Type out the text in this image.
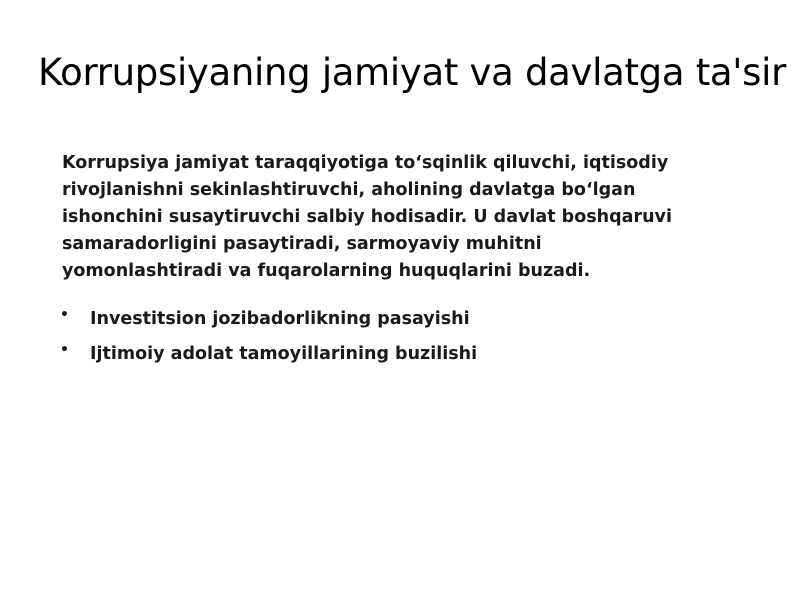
Korrupsiyaning jamiyat va davlatga ta'sir

Korrupsiya jamiyat taraqqiyotiga to‘sqinlik qiluvchi, iqtisodiy rivojlanishni sekinlashtiruvchi, aholining davlatga bo‘lgan ishonchini susaytiruvchi salbiy hodisadir. U davlat boshqaruvi samaradorligini pasaytiradi, sarmoyaviy muhitni yomonlashtiradi va fuqarolarning huquqlarini buzadi.

• Investitsion jozibadorlikning pasayishi
• Ijtimoiy adolat tamoyillarining buzilishi
